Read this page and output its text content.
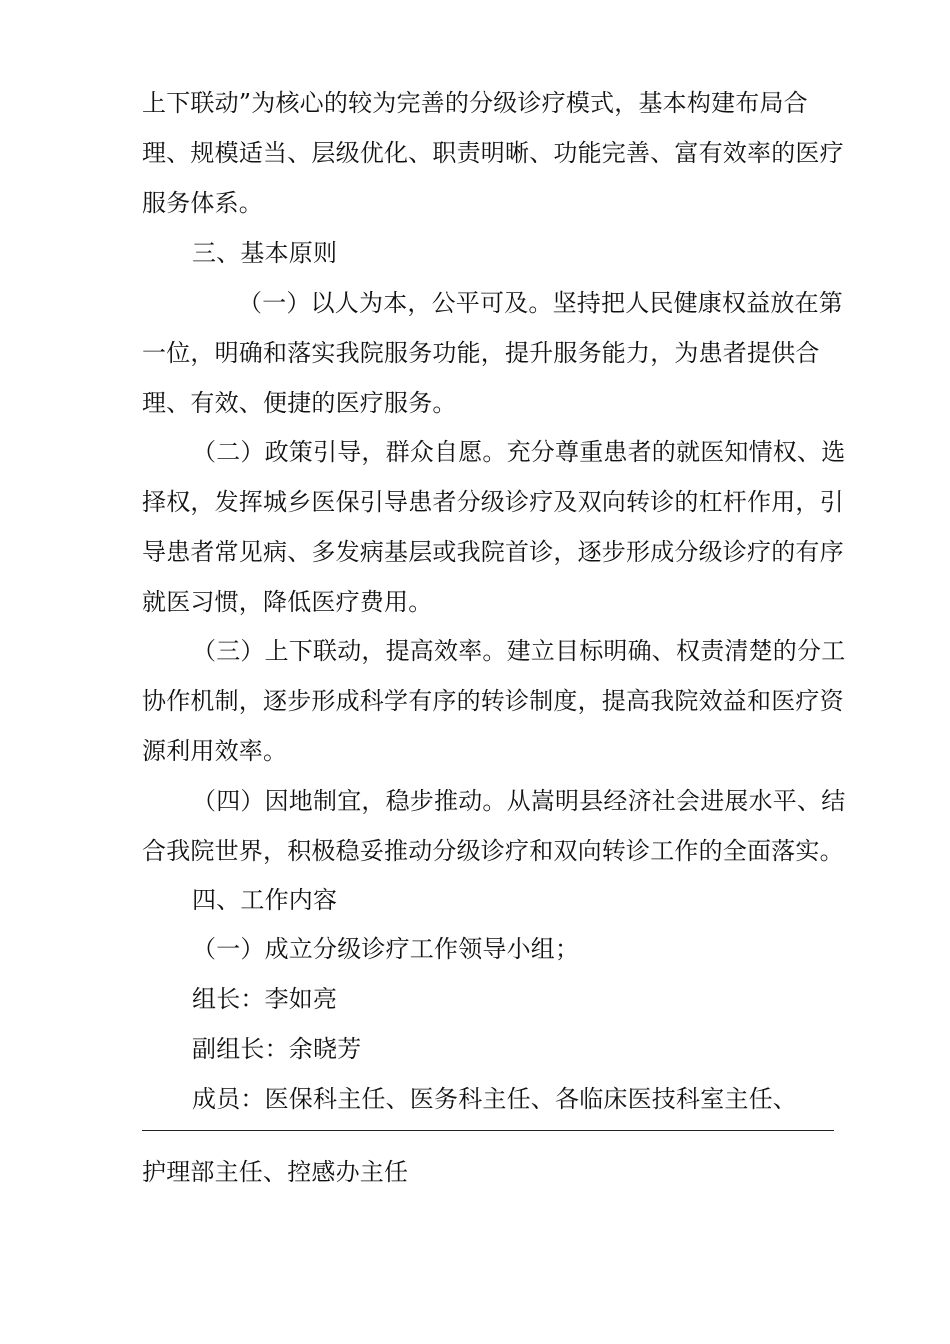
上下联动”为核心的较为完善的分级诊疗模式，基本构建布局合
理、规模适当、层级优化、职责明晰、功能完善、富有效率的医疗
服务体系。
三、基本原则
（一）以人为本，公平可及。坚持把人民健康权益放在第
一位，明确和落实我院服务功能，提升服务能力，为患者提供合
理、有效、便捷的医疗服务。
（二）政策引导，群众自愿。充分尊重患者的就医知情权、选
择权，发挥城乡医保引导患者分级诊疗及双向转诊的杠杆作用，引
导患者常见病、多发病基层或我院首诊，逐步形成分级诊疗的有序
就医习惯，降低医疗费用。
（三）上下联动，提高效率。建立目标明确、权责清楚的分工
协作机制，逐步形成科学有序的转诊制度，提高我院效益和医疗资
源利用效率。
（四）因地制宜，稳步推动。从嵩明县经济社会进展水平、结
合我院世界，积极稳妥推动分级诊疗和双向转诊工作的全面落实。
四、工作内容
（一）成立分级诊疗工作领导小组；
组长：李如亮
副组长：余晓芳
成员：医保科主任、医务科主任、各临床医技科室主任、
护理部主任、控感办主任
